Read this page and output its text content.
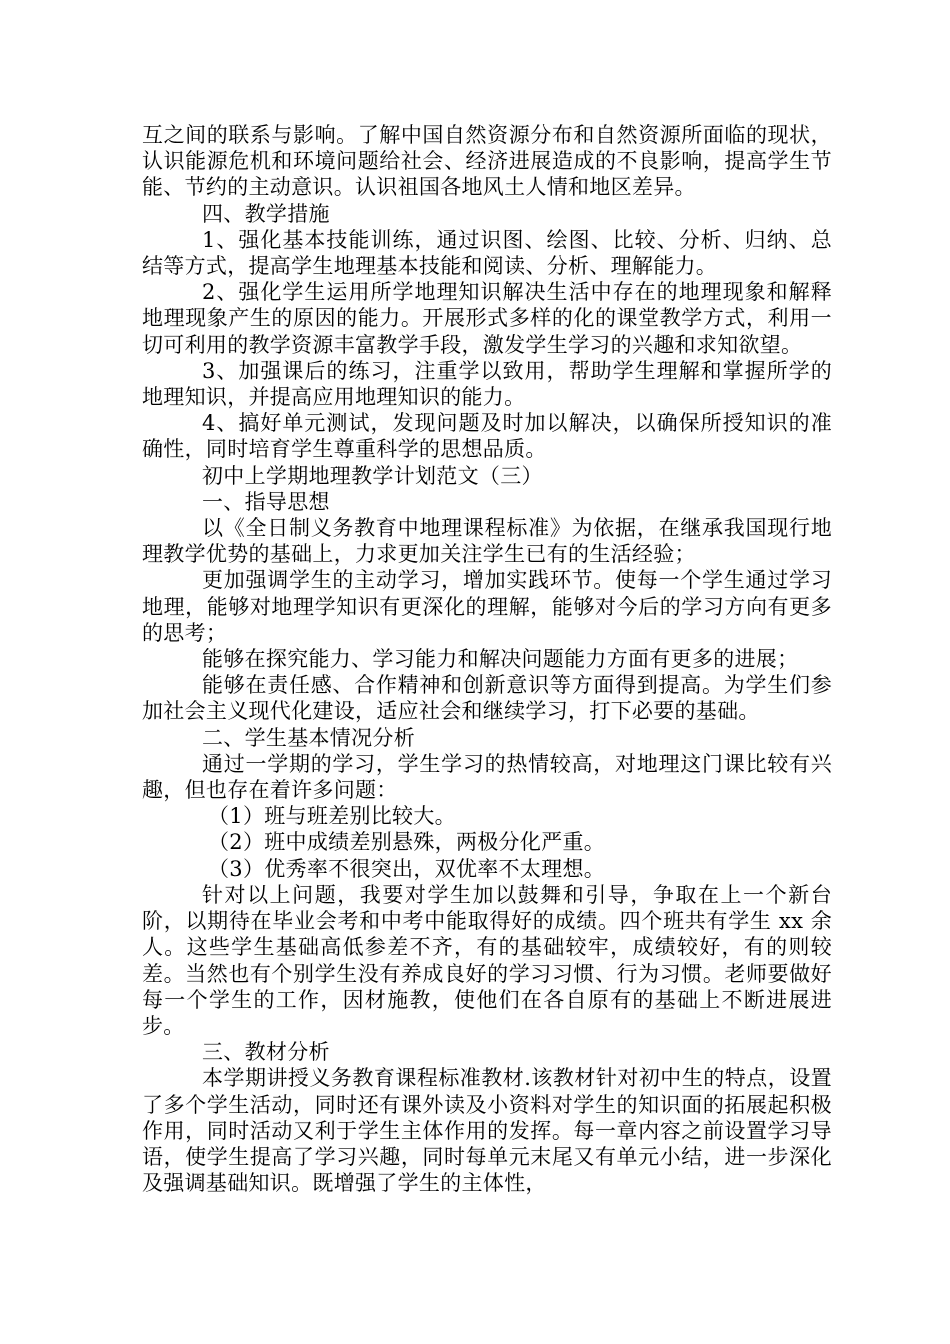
互之间的联系与影响。了解中国自然资源分布和自然资源所面临的现状，认识能源危机和环境问题给社会、经济进展造成的不良影响，提高学生节能、节约的主动意识。认识祖国各地风土人情和地区差异。

四、教学措施

1、强化基本技能训练，通过识图、绘图、比较、分析、归纳、总结等方式，提高学生地理基本技能和阅读、分析、理解能力。

2、强化学生运用所学地理知识解决生活中存在的地理现象和解释地理现象产生的原因的能力。开展形式多样的化的课堂教学方式，利用一切可利用的教学资源丰富教学手段，激发学生学习的兴趣和求知欲望。

3、加强课后的练习，注重学以致用，帮助学生理解和掌握所学的地理知识，并提高应用地理知识的能力。

4、搞好单元测试，发现问题及时加以解决，以确保所授知识的准确性，同时培育学生尊重科学的思想品质。

初中上学期地理教学计划范文（三）

一、指导思想

以《全日制义务教育中地理课程标准》为依据，在继承我国现行地理教学优势的基础上，力求更加关注学生已有的生活经验；

更加强调学生的主动学习，增加实践环节。使每一个学生通过学习地理，能够对地理学知识有更深化的理解，能够对今后的学习方向有更多的思考；

能够在探究能力、学习能力和解决问题能力方面有更多的进展；

能够在责任感、合作精神和创新意识等方面得到提高。为学生们参加社会主义现代化建设，适应社会和继续学习，打下必要的基础。

二、学生基本情况分析

通过一学期的学习，学生学习的热情较高，对地理这门课比较有兴趣，但也存在着许多问题：

（1）班与班差别比较大。

（2）班中成绩差别悬殊，两极分化严重。

（3）优秀率不很突出，双优率不太理想。

针对以上问题，我要对学生加以鼓舞和引导，争取在上一个新台阶，以期待在毕业会考和中考中能取得好的成绩。四个班共有学生 xx 余人。这些学生基础高低参差不齐，有的基础较牢，成绩较好，有的则较差。当然也有个别学生没有养成良好的学习习惯、行为习惯。老师要做好每一个学生的工作，因材施教，使他们在各自原有的基础上不断进展进步。

三、教材分析

本学期讲授义务教育课程标准教材.该教材针对初中生的特点，设置了多个学生活动，同时还有课外读及小资料对学生的知识面的拓展起积极作用，同时活动又利于学生主体作用的发挥。每一章内容之前设置学习导语，使学生提高了学习兴趣，同时每单元末尾又有单元小结，进一步深化及强调基础知识。既增强了学生的主体性，
